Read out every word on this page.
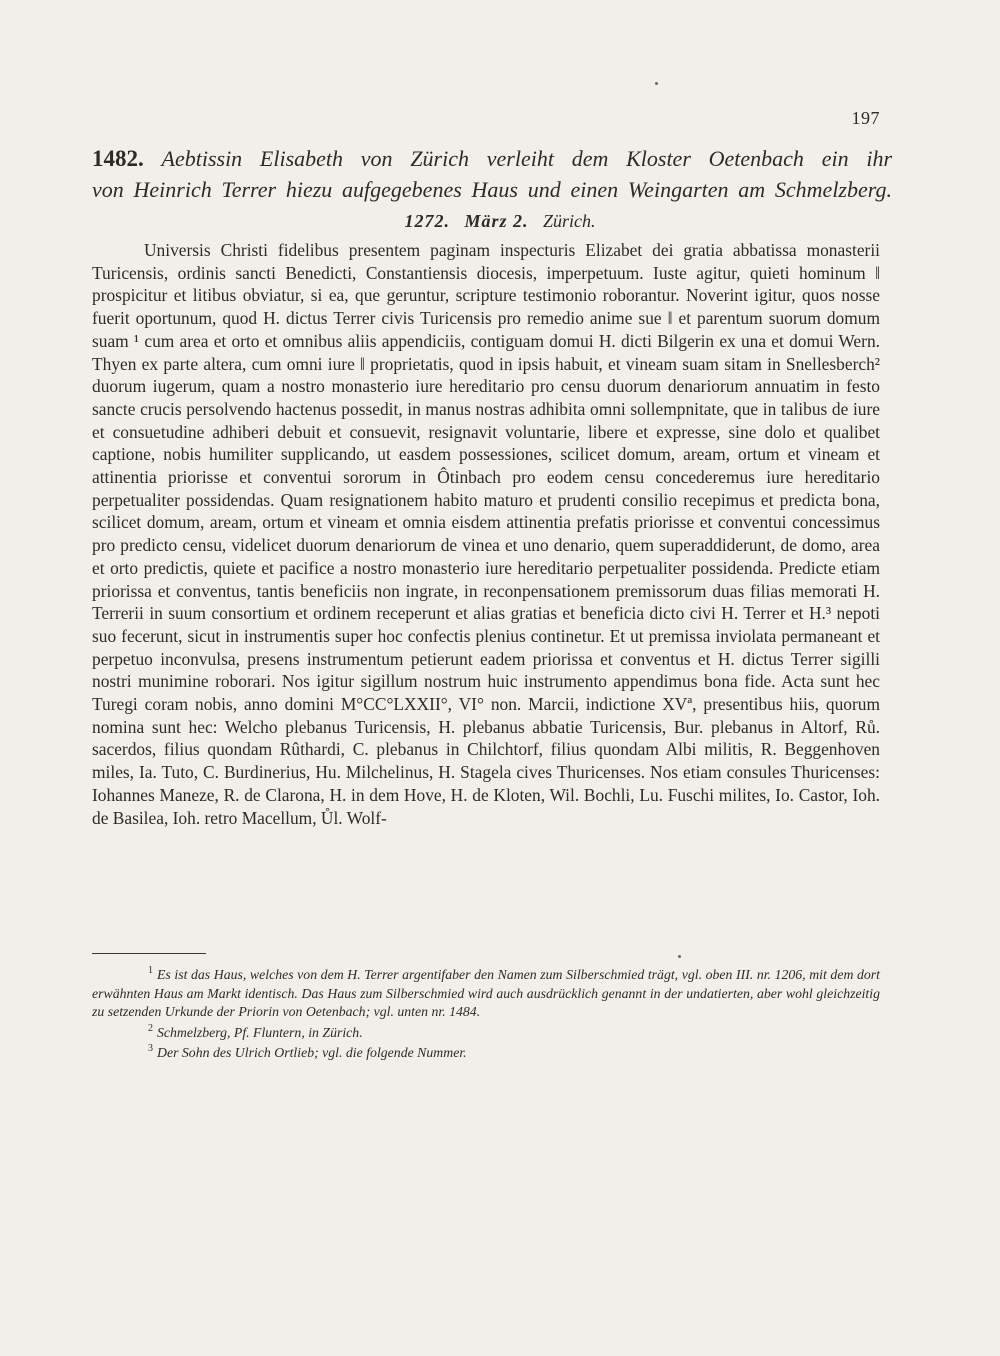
197
1482. Aebtissin Elisabeth von Zürich verleiht dem Kloster Oetenbach ein ihr
von Heinrich Terrer hiezu aufgegebenes Haus und einen Weingarten am Schmelzberg.
1272. März 2. Zürich.

Universis Christi fidelibus presentem paginam inspecturis Elizabet dei gratia abbatissa monasterii Turicensis, ordinis sancti Benedicti, Constantiensis diocesis, imperpetuum. Iuste agitur, quieti hominum ‖ prospicitur et litibus obviatur, si ea, que geruntur, scripture testimonio roborantur. Noverint igitur, quos nosse fuerit oportunum, quod H. dictus Terrer civis Turicensis pro remedio anime sue ‖ et parentum suorum domum suam ¹ cum area et orto et omnibus aliis appendiciis, contiguam domui H. dicti Bilgerin ex una et domui Wern. Thyen ex parte altera, cum omni iure ‖ proprietatis, quod in ipsis habuit, et vineam suam sitam in Snellesberch² duorum iugerum, quam a nostro monasterio iure hereditario pro censu duorum denariorum annuatim in festo sancte crucis persolvendo hactenus possedit, in manus nostras adhibita omni sollempnitate, que in talibus de iure et consuetudine adhiberi debuit et consuevit, resignavit voluntarie, libere et expresse, sine dolo et qualibet captione, nobis humiliter supplicando, ut easdem possessiones, scilicet domum, aream, ortum et vineam et attinentia priorisse et conventui sororum in Ôtinbach pro eodem censu concederemus iure hereditario perpetualiter possidendas. Quam resignationem habito maturo et prudenti consilio recepimus et predicta bona, scilicet domum, aream, ortum et vineam et omnia eisdem attinentia prefatis priorisse et conventui concessimus pro predicto censu, videlicet duorum denariorum de vinea et uno denario, quem superaddiderunt, de domo, area et orto predictis, quiete et pacifice a nostro monasterio iure hereditario perpetualiter possidenda. Predicte etiam priorissa et conventus, tantis beneficiis non ingrate, in reconpensationem premissorum duas filias memorati H. Terrerii in suum consortium et ordinem receperunt et alias gratias et beneficia dicto civi H. Terrer et H.³ nepoti suo fecerunt, sicut in instrumentis super hoc confectis plenius continetur. Et ut premissa inviolata permaneant et perpetuo inconvulsa, presens instrumentum petierunt eadem priorissa et conventus et H. dictus Terrer sigilli nostri munimine roborari. Nos igitur sigillum nostrum huic instrumento appendimus bona fide. Acta sunt hec Turegi coram nobis, anno domini M°CC°LXXII°, VI° non. Marcii, indictione XVª, presentibus hiis, quorum nomina sunt hec: Welcho plebanus Turicensis, H. plebanus abbatie Turicensis, Bur. plebanus in Altorf, Rů. sacerdos, filius quondam Rûthardi, C. plebanus in Chilchtorf, filius quondam Albi militis, R. Beggenhoven miles, Ia. Tuto, C. Burdinerius, Hu. Milchelinus, H. Stagela cives Thuricenses. Nos etiam consules Thuricenses: Iohannes Maneze, R. de Clarona, H. in dem Hove, H. de Kloten, Wil. Bochli, Lu. Fuschi milites, Io. Castor, Ioh. de Basilea, Ioh. retro Macellum, Ůl. Wolf-

$^1$ Es ist das Haus, welches von dem H. Terrer argentifaber den Namen zum Silberschmied trägt, vgl. oben III. nr. 1206, mit dem dort erwähnten Haus am Markt identisch. Das Haus zum Silberschmied wird auch ausdrücklich genannt in der undatierten, aber wohl gleichzeitig zu setzenden Urkunde der Priorin von Oetenbach; vgl. unten nr. 1484.

$^2$ Schmelzberg, Pf. Fluntern, in Zürich.

$^3$ Der Sohn des Ulrich Ortlieb; vgl. die folgende Nummer.
